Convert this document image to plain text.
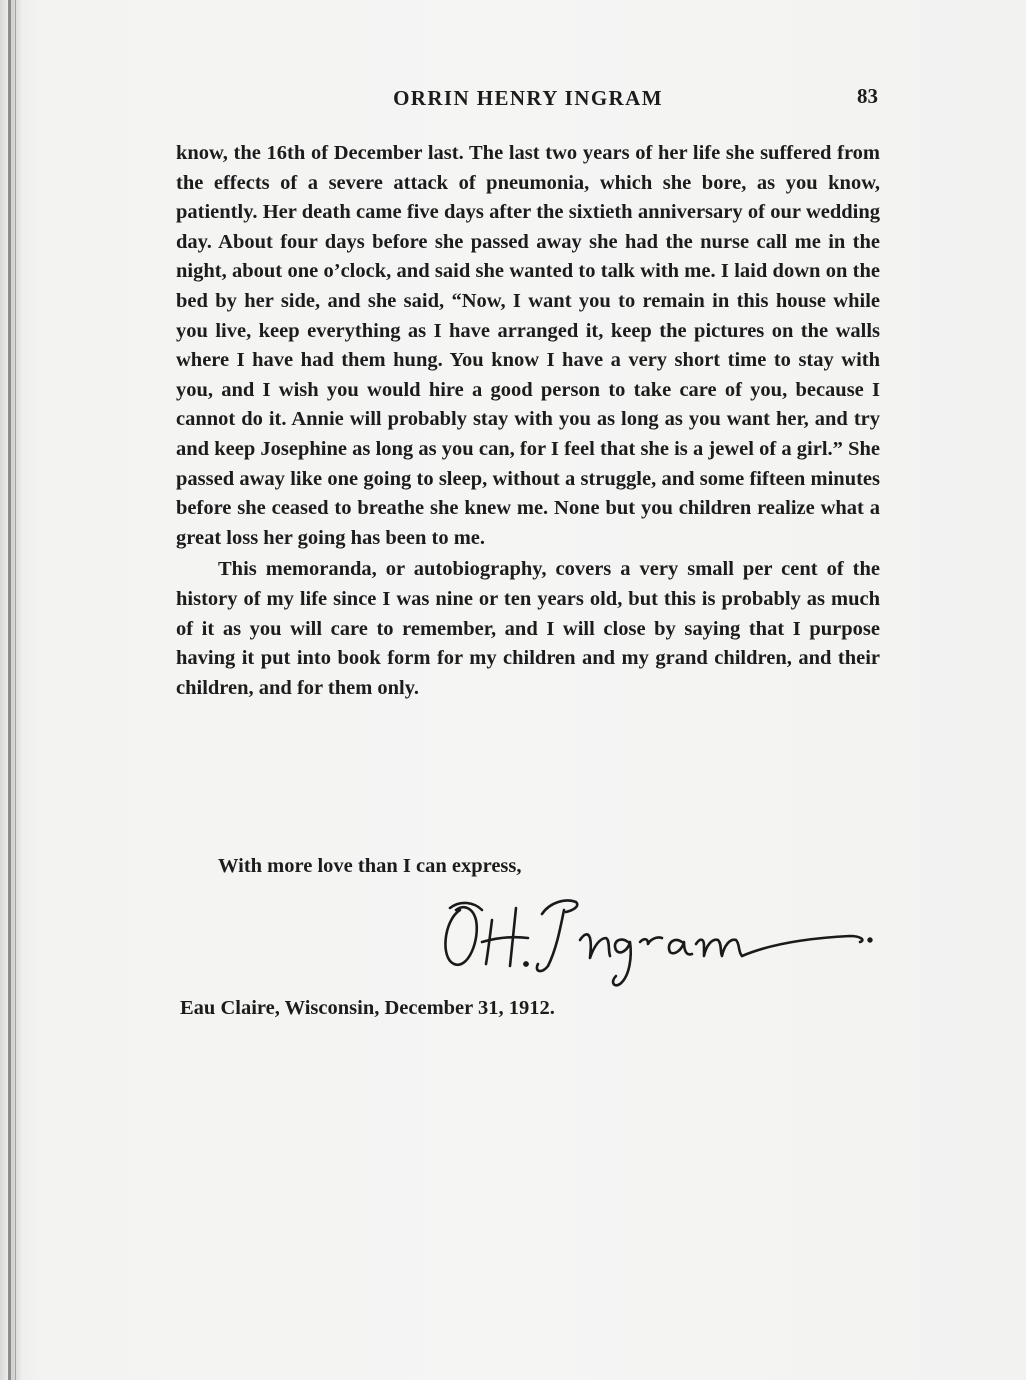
ORRIN HENRY INGRAM	83

know, the 16th of December last. The last two years of her life she suffered from the effects of a severe attack of pneumonia, which she bore, as you know, patiently. Her death came five days after the sixtieth anniversary of our wedding day. About four days before she passed away she had the nurse call me in the night, about one o’clock, and said she wanted to talk with me. I laid down on the bed by her side, and she said, “Now, I want you to remain in this house while you live, keep everything as I have arranged it, keep the pictures on the walls where I have had them hung. You know I have a very short time to stay with you, and I wish you would hire a good person to take care of you, because I cannot do it. Annie will probably stay with you as long as you want her, and try and keep Josephine as long as you can, for I feel that she is a jewel of a girl.” She passed away like one going to sleep, without a struggle, and some fifteen minutes before she ceased to breathe she knew me. None but you children realize what a great loss her going has been to me.

This memoranda, or autobiography, covers a very small per cent of the history of my life since I was nine or ten years old, but this is probably as much of it as you will care to remember, and I will close by saying that I purpose having it put into book form for my children and my grand children, and their children, and for them only.

With more love than I can express,
Eau Claire, Wisconsin, December 31, 1912.
